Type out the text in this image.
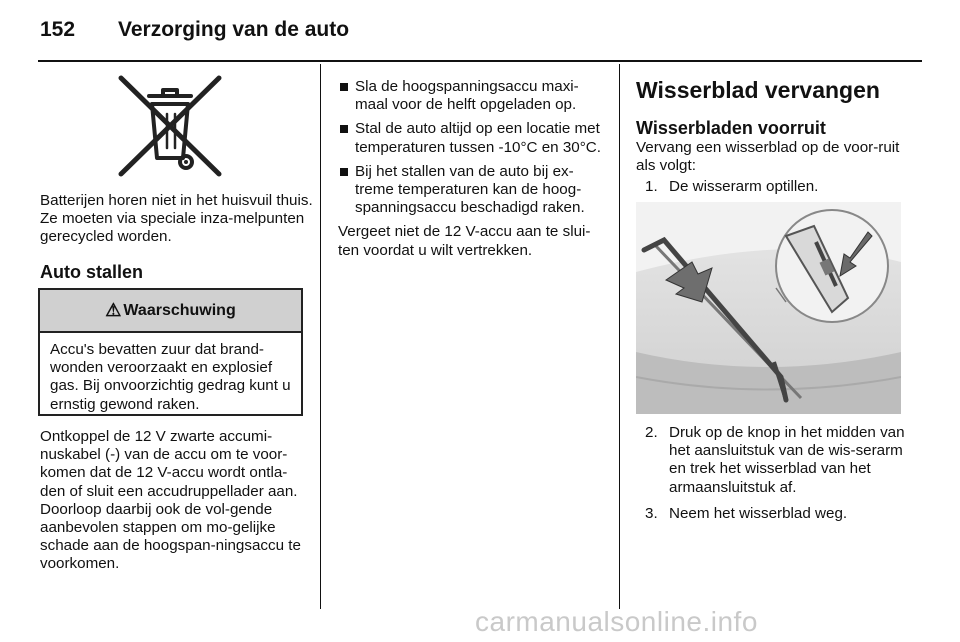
152 Verzorging van de auto

Batterijen horen niet in het huisvuil thuis. Ze moeten via speciale inza-melpunten gerecycled worden.

Auto stallen
⚠ Waarschuwing
Accu's bevatten zuur dat brand-wonden veroorzaakt en explosief gas. Bij onvoorzichtig gedrag kunt u ernstig gewond raken.

Ontkoppel de 12 V zwarte accumi-nuskabel (-) van de accu om te voor-komen dat de 12 V-accu wordt ontla-den of sluit een accudruppellader aan. Doorloop daarbij ook de vol-gende aanbevolen stappen om mo-gelijke schade aan de hoogspan-ningsaccu te voorkomen.

Sla de hoogspanningsaccu maxi-maal voor de helft opgeladen op.

Stal de auto altijd op een locatie met temperaturen tussen -10°C en 30°C.

Bij het stallen van de auto bij ex-treme temperaturen kan de hoog-spanningsaccu beschadigd raken.

Vergeet niet de 12 V-accu aan te slui-ten voordat u wilt vertrekken.

Wisserblad vervangen
Wisserbladen voorruit

Vervang een wisserblad op de voor-ruit als volgt:

1. De wisserarm optillen.

2. Druk op de knop in het midden van het aansluitstuk van de wis-serarm en trek het wisserblad van het armaansluitstuk af.

3. Neem het wisserblad weg.

carmanualsonline.info
